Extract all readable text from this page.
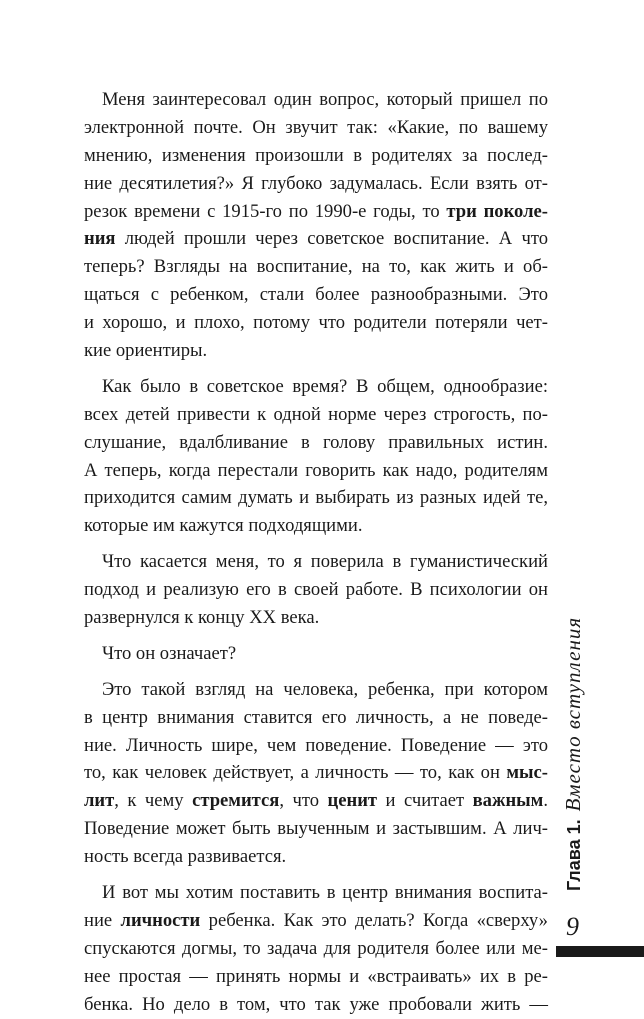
Меня заинтересовал один вопрос, который пришел по

электронной почте. Он звучит так: «Какие, по вашему

мнению, изменения произошли в родителях за послед-

ние десятилетия?» Я глубоко задумалась. Если взять от-

резок времени с 1915-го по 1990-е годы, то три поколе-

ния людей прошли через советское воспитание. А что

теперь? Взгляды на воспитание, на то, как жить и об-

щаться с ребенком, стали более разнообразными. Это

и хорошо, и плохо, потому что родители потеряли чет-

кие ориентиры.

Как было в советское время? В общем, однообразие:

всех детей привести к одной норме через строгость, по-

слушание, вдалбливание в голову правильных истин.

А теперь, когда перестали говорить как надо, родителям

приходится самим думать и выбирать из разных идей те,

которые им кажутся подходящими.

Что касается меня, то я поверила в гуманистический

подход и реализую его в своей работе. В психологии он

развернулся к концу XX века.

Что он означает?

Это такой взгляд на человека, ребенка, при котором

в центр внимания ставится его личность, а не поведе-

ние. Личность шире, чем поведение. Поведение — это

то, как человек действует, а личность — то, как он мыс-

лит, к чему стремится, что ценит и считает важным.

Поведение может быть выученным и застывшим. А лич-

ность всегда развивается.

И вот мы хотим поставить в центр внимания воспита-

ние личности ребенка. Как это делать? Когда «сверху»

спускаются догмы, то задача для родителя более или ме-

нее простая — принять нормы и «встраивать» их в ре-

бенка. Но дело в том, что так уже пробовали жить —

Глава 1.Вместо вступления
9
